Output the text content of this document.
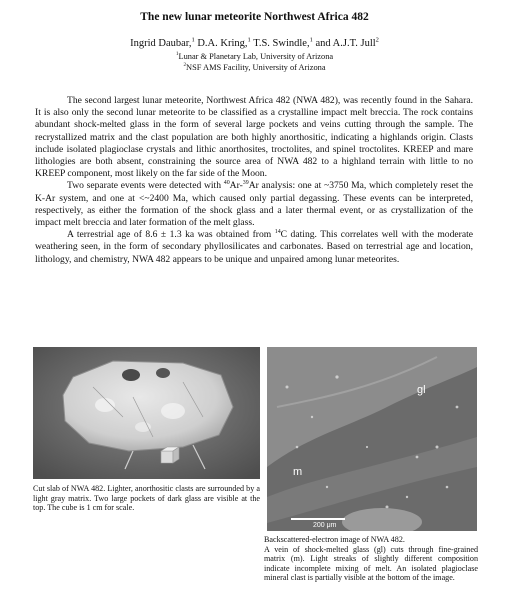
The new lunar meteorite Northwest Africa 482
Ingrid Daubar,$^1$ D.A. Kring,$^1$ T.S. Swindle,$^1$ and A.J.T. Jull$^2$
$^1$Lunar & Planetary Lab, University of Arizona
$^2$NSF AMS Facility, University of Arizona

The second largest lunar meteorite, Northwest Africa 482 (NWA 482), was recently found in the Sahara. It is also only the second lunar meteorite to be classified as a crystalline impact melt breccia. The rock contains abundant shock-melted glass in the form of several large pockets and veins cutting through the sample. The recrystallized matrix and the clast population are both highly anorthositic, indicating a highlands origin. Clasts include isolated plagioclase crystals and lithic anorthosites, troctolites, and spinel troctolites. KREEP and mare lithologies are both absent, constraining the source area of NWA 482 to a highland terrain with little to no KREEP component, most likely on the far side of the Moon.

Two separate events were detected with $^{40}$Ar-$^{39}$Ar analysis: one at ~3750 Ma, which completely reset the K-Ar system, and one at <~2400 Ma, which caused only partial degassing. These events can be interpreted, respectively, as either the formation of the shock glass and a later thermal event, or as crystallization of the impact melt breccia and later formation of the melt glass.

A terrestrial age of 8.6 ± 1.3 ka was obtained from $^{14}$C dating. This correlates well with the moderate weathering seen, in the form of secondary phyllosilicates and carbonates. Based on terrestrial age and location, lithology, and chemistry, NWA 482 appears to be unique and unpaired among lunar meteorites.

Cut slab of NWA 482. Lighter, anorthositic clasts are surrounded by a light gray matrix. Two large pockets of dark glass are visible at the top. The cube is 1 cm for scale.
gl
m
200 μm
Backscattered-electron image of NWA 482.
A vein of shock-melted glass (gl) cuts through fine-grained matrix (m). Light streaks of slightly different composition indicate incomplete mixing of melt. An isolated plagioclase mineral clast is partially visible at the bottom of the image.
